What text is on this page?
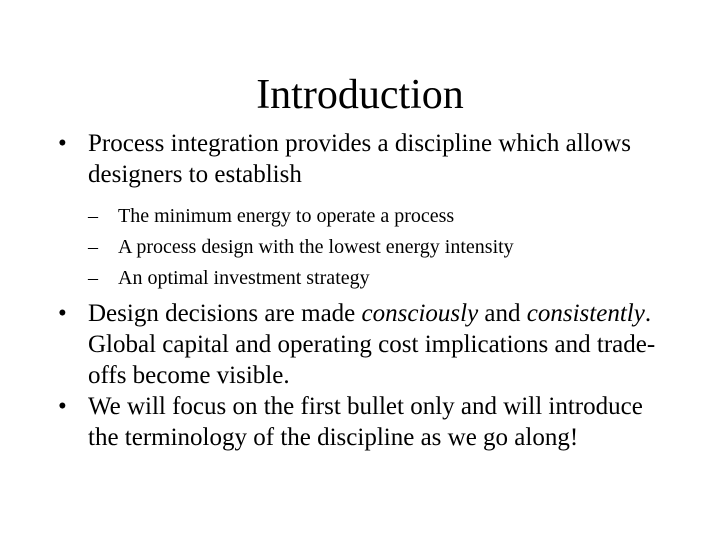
Introduction
• Process integration provides a discipline which allows designers to establish
– The minimum energy to operate a process
– A process design with the lowest energy intensity
– An optimal investment strategy
• Design decisions are made consciously and consistently. Global capital and operating cost implications and trade-offs become visible.
• We will focus on the first bullet only and will introduce the terminology of the discipline as we go along!
